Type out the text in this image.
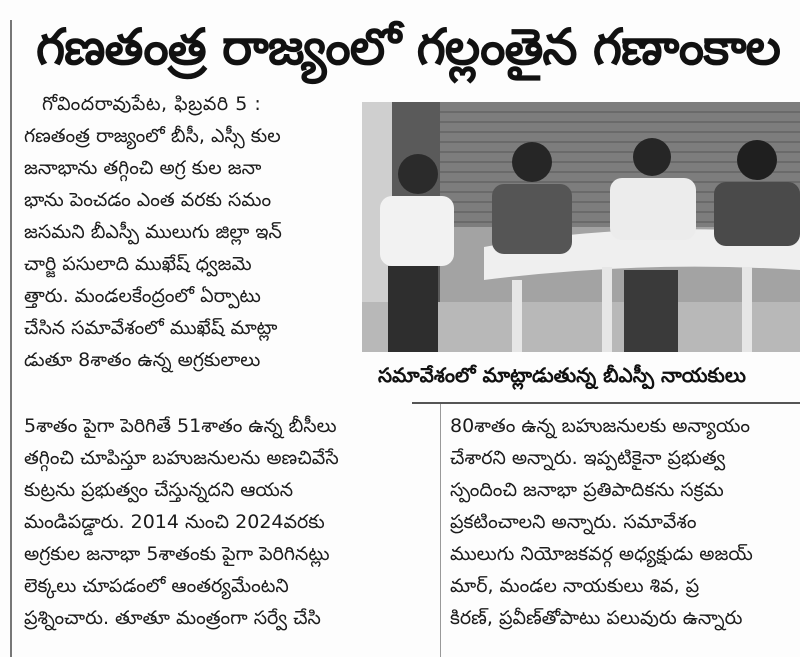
గణతంత్ర రాజ్యంలో గల్లంతైన గణాంకాల
గోవిందరావుపేట, ఫిబ్రవరి 5 :
గణతంత్ర రాజ్యంలో బీసీ, ఎస్సీ కుల
జనాభాను తగ్గించి అగ్ర కుల జనా
భాను పెంచడం ఎంత వరకు సమం
జసమని బీఎస్పీ ములుగు జిల్లా ఇన్
చార్జి పసులాది ముఖేష్ ధ్వజమె
త్తారు. మండలకేంద్రంలో ఏర్పాటు
చేసిన సమావేశంలో ముఖేష్ మాట్లా
డుతూ 8శాతం ఉన్న అగ్రకులాలు
5శాతం పైగా పెరిగితే 51శాతం ఉన్న బీసీలు
తగ్గించి చూపిస్తూ బహుజనులను అణచివేసే
కుట్రను ప్రభుత్వం చేస్తున్నదని ఆయన
మండిపడ్డారు. 2014 నుంచి 2024వరకు
అగ్రకుల జనాభా 5శాతంకు పైగా పెరిగినట్లు
లెక్కలు చూపడంలో ఆంతర్యమేంటని
ప్రశ్నించారు. తూతూ మంత్రంగా సర్వే చేసి
సమావేశంలో మాట్లాడుతున్న బీఎస్పీ నాయకులు
80శాతం ఉన్న బహుజనులకు అన్యాయం
చేశారని అన్నారు. ఇప్పటికైనా ప్రభుత్వ
స్పందించి జనాభా ప్రతిపాదికను సక్రమ
ప్రకటించాలని అన్నారు. సమావేశం
ములుగు నియోజకవర్గ అధ్యక్షుడు అజయ్
మార్, మండల నాయకులు శివ, ప్ర
కిరణ్, ప్రవీణ్‌తోపాటు పలువురు ఉన్నారు
